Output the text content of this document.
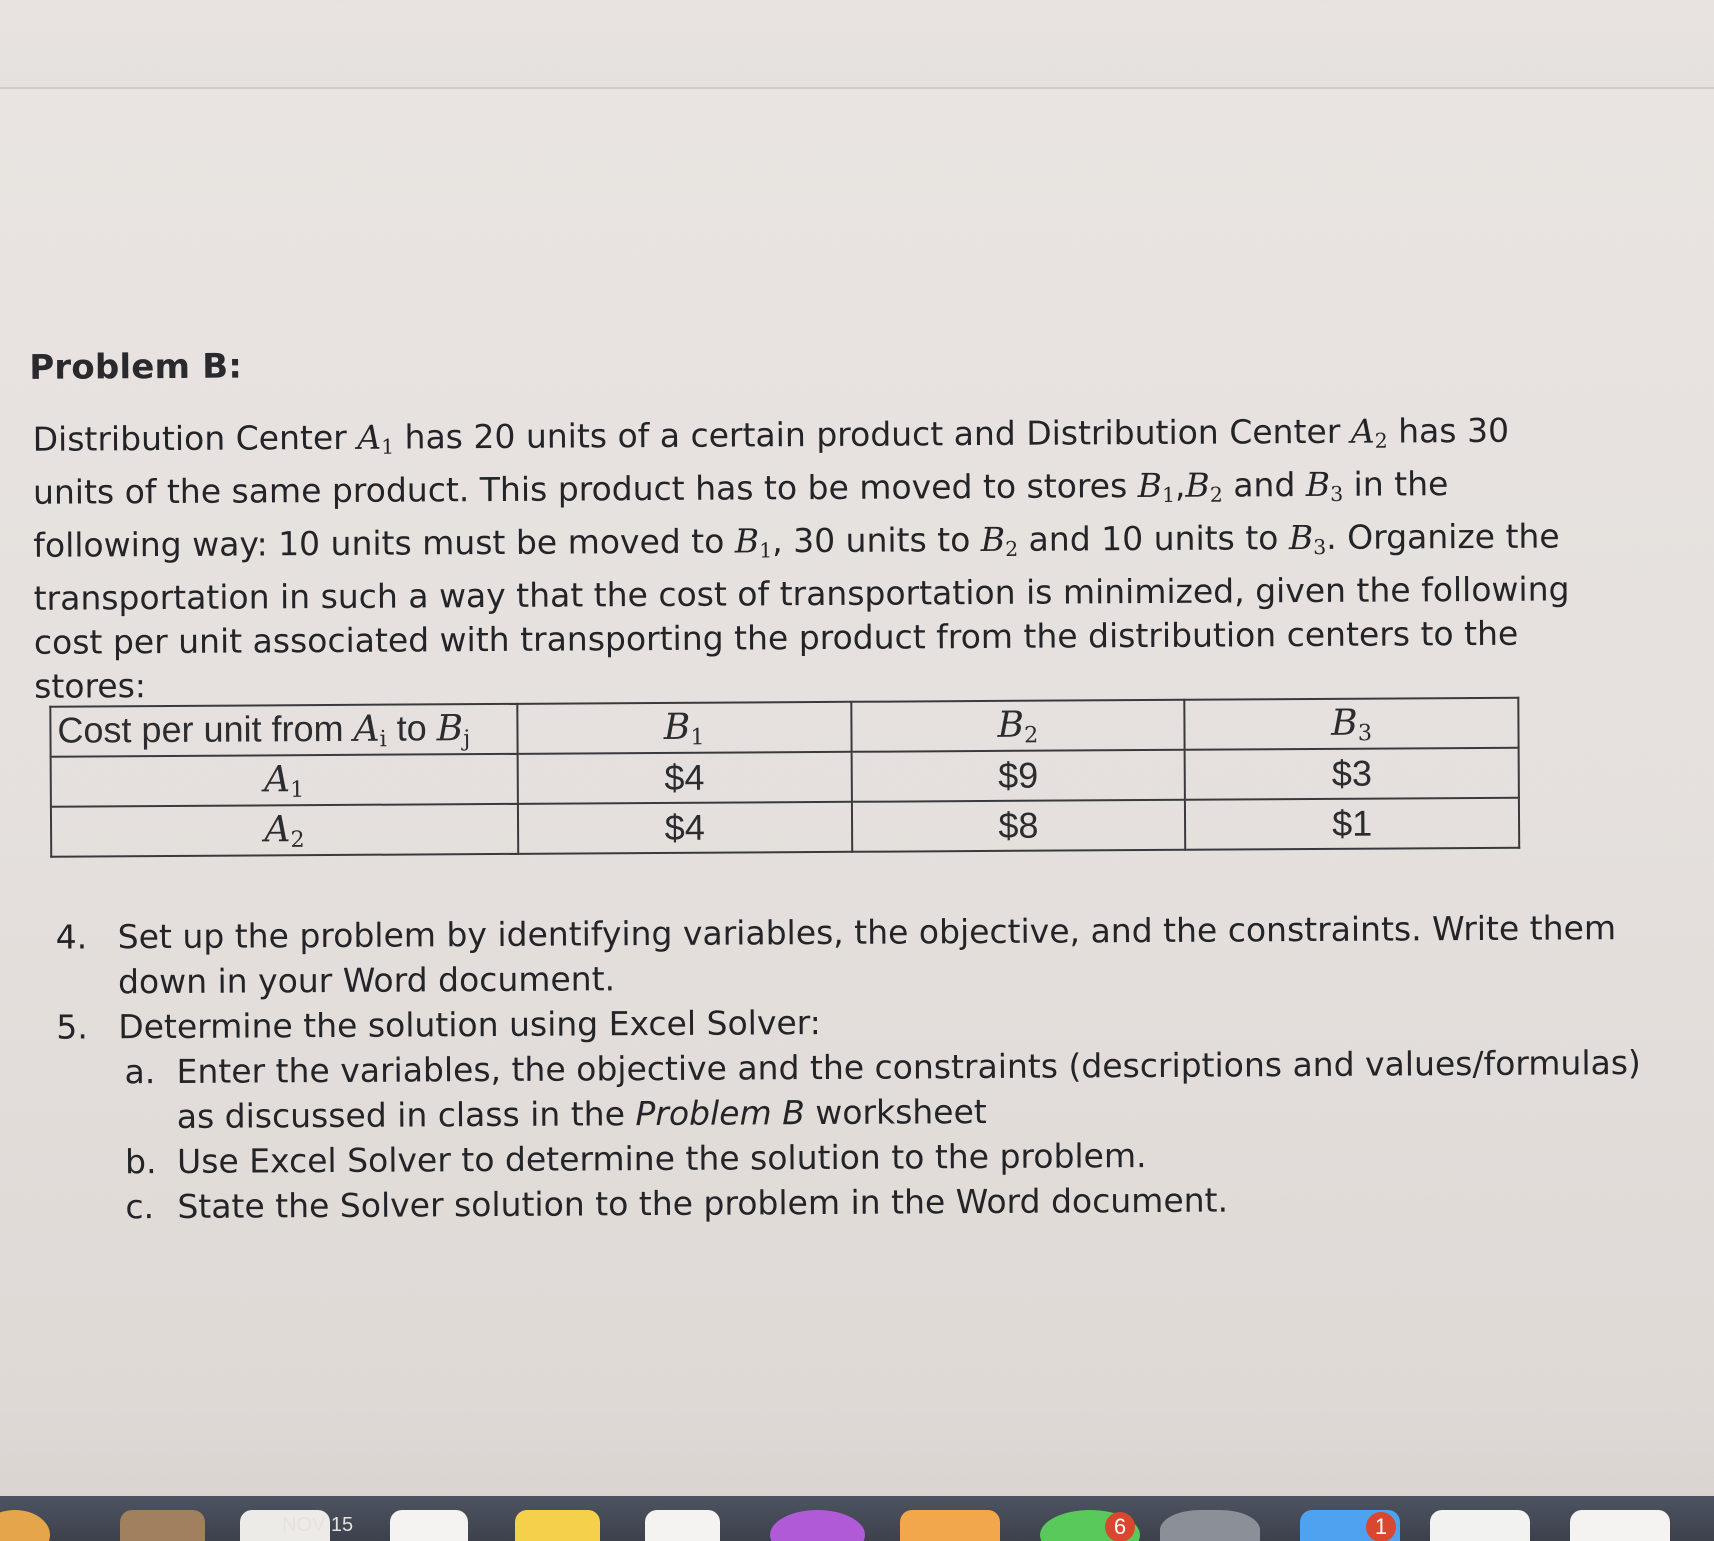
Problem B:
Distribution Center $A_1$ has 20 units of a certain product and Distribution Center $A_2$ has 30 units of the same product. This product has to be moved to stores $B_1,B_2$ and $B_3$ in the following way: 10 units must be moved to $B_1$, 30 units to $B_2$ and 10 units to $B_3$. Organize the transportation in such a way that the cost of transportation is minimized, given the following cost per unit associated with transporting the product from the distribution centers to the stores:
Cost per unit from $A_i$ to $B_j$	$B_1$	$B_2$	$B_3$
$A_1$	$4	$9	$3
$A_2$	$4	$8	$1
4. Set up the problem by identifying variables, the objective, and the constraints. Write them down in your Word document.
5. Determine the solution using Excel Solver:
a. Enter the variables, the objective and the constraints (descriptions and values/formulas) as discussed in class in the Problem B worksheet
b. Use Excel Solver to determine the solution to the problem.
c. State the Solver solution to the problem in the Word document.
NOV 15	6	1
